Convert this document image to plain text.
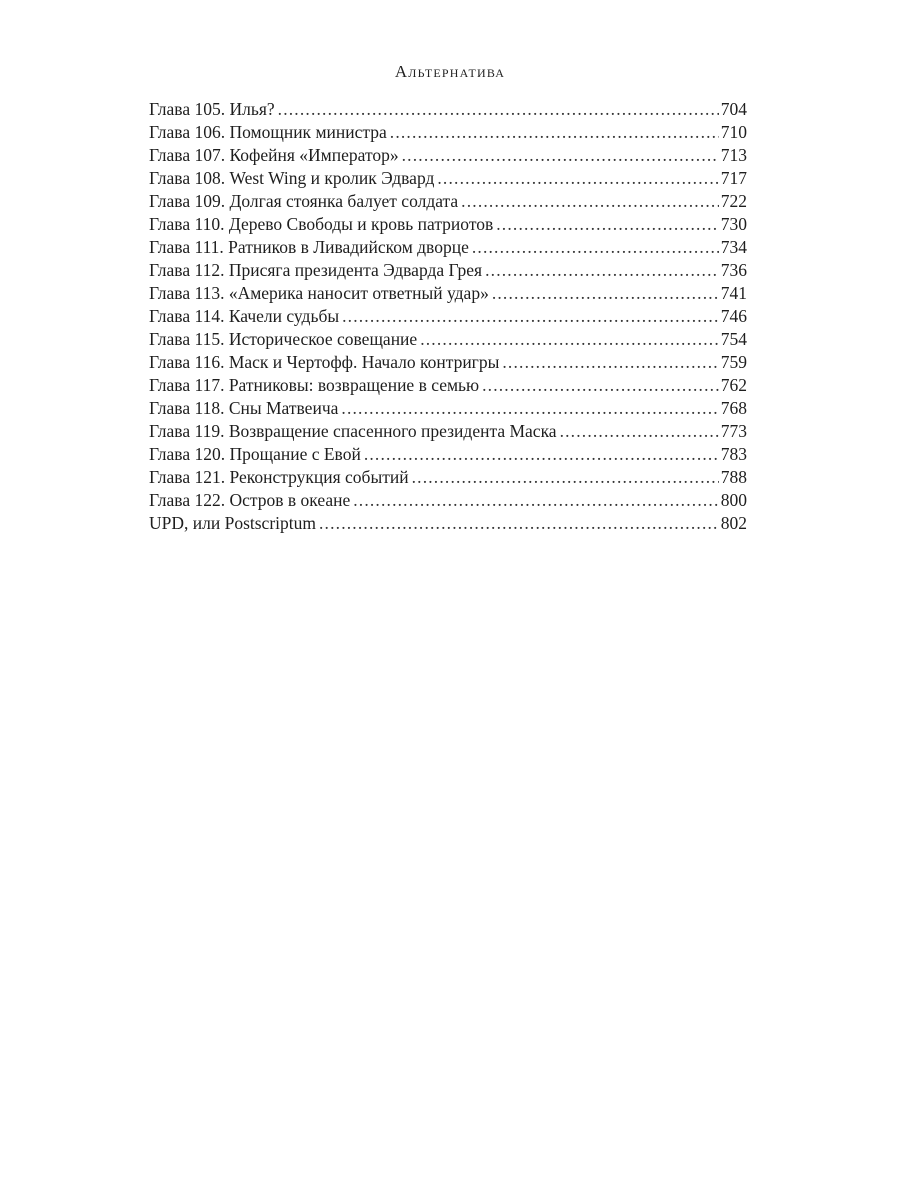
Альтернатива
Глава 105. Илья? . . .	704
Глава 106. Помощник министра . . .	710
Глава 107. Кофейня «Император» . . .	713
Глава 108. West Wing и кролик Эдвард . . .	717
Глава 109. Долгая стоянка балует солдата . . .	722
Глава 110. Дерево Свободы и кровь патриотов . . .	730
Глава 111. Ратников в Ливадийском дворце . . .	734
Глава 112. Присяга президента Эдварда Грея . . .	736
Глава 113. «Америка наносит ответный удар» . . .	741
Глава 114. Качели судьбы . . .	746
Глава 115. Историческое совещание . . .	754
Глава 116. Маск и Чертофф. Начало контригры . . .	759
Глава 117. Ратниковы: возвращение в семью . . .	762
Глава 118. Сны Матвеича . . .	768
Глава 119. Возвращение спасенного президента Маска . . .	773
Глава 120. Прощание с Евой . . .	783
Глава 121. Реконструкция событий . . .	788
Глава 122. Остров в океане . . .	800
UPD, или Postscriptum . . .	802
